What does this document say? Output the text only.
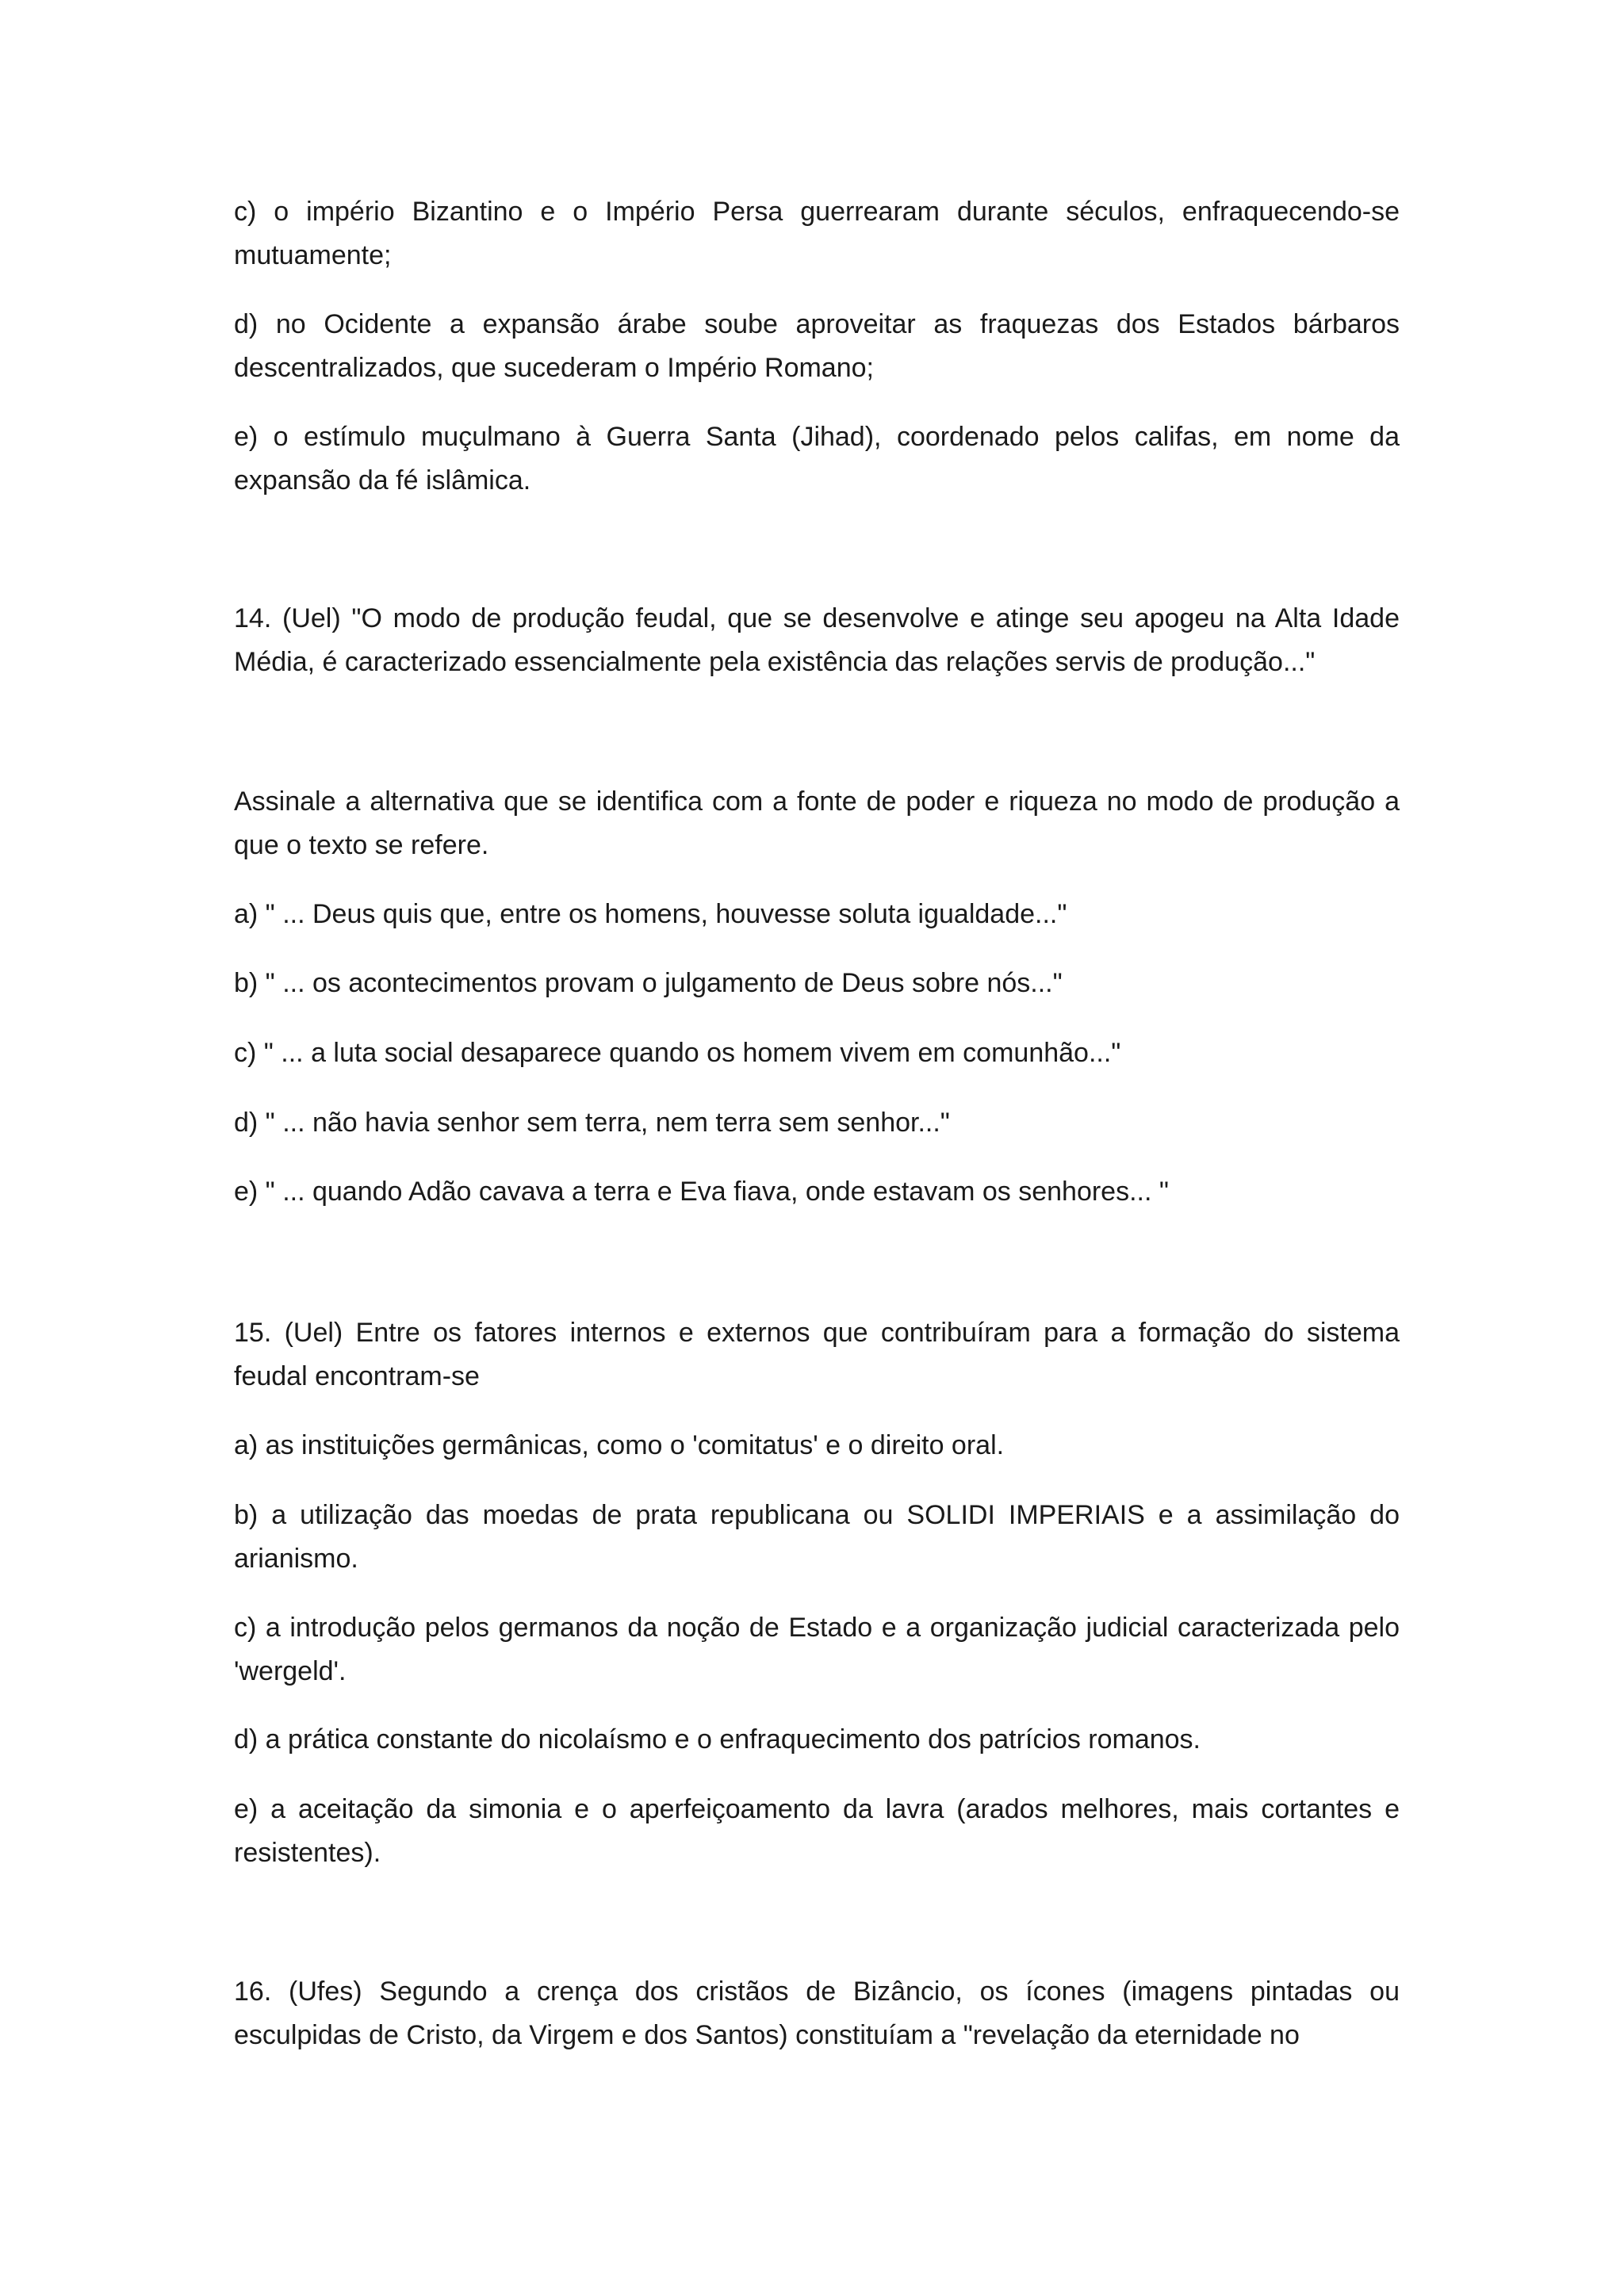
c) o império Bizantino e o Império Persa guerrearam durante séculos, enfraquecendo-se mutuamente;

d) no Ocidente a expansão árabe soube aproveitar as fraquezas dos Estados bárbaros descentralizados, que sucederam o Império Romano;

e) o estímulo muçulmano à Guerra Santa (Jihad), coordenado pelos califas, em nome da expansão da fé islâmica.

14. (Uel) "O modo de produção feudal, que se desenvolve e atinge seu apogeu na Alta Idade Média, é caracterizado essencialmente pela existência das relações servis de produção..."

Assinale a alternativa que se identifica com a fonte de poder e riqueza no modo de produção a que o texto se refere.

a) " ... Deus quis que, entre os homens, houvesse soluta igualdade..."

b) " ... os acontecimentos provam o julgamento de Deus sobre nós..."

c) " ... a luta social desaparece quando os homem vivem em comunhão..."

d) " ... não havia senhor sem terra, nem terra sem senhor..."

e) " ... quando Adão cavava a terra e Eva fiava, onde estavam os senhores... "

15. (Uel) Entre os fatores internos e externos que contribuíram para a formação do sistema feudal encontram-se

a) as instituições germânicas, como o 'comitatus' e o direito oral.

b) a utilização das moedas de prata republicana ou SOLIDI IMPERIAIS e a assimilação do arianismo.

c) a introdução pelos germanos da noção de Estado e a organização judicial caracterizada pelo 'wergeld'.

d) a prática constante do nicolaísmo e o enfraquecimento dos patrícios romanos.

e) a aceitação da simonia e o aperfeiçoamento da lavra (arados melhores, mais cortantes e resistentes).

16. (Ufes) Segundo a crença dos cristãos de Bizâncio, os ícones (imagens pintadas ou esculpidas de Cristo, da Virgem e dos Santos) constituíam a "revelação da eternidade no
